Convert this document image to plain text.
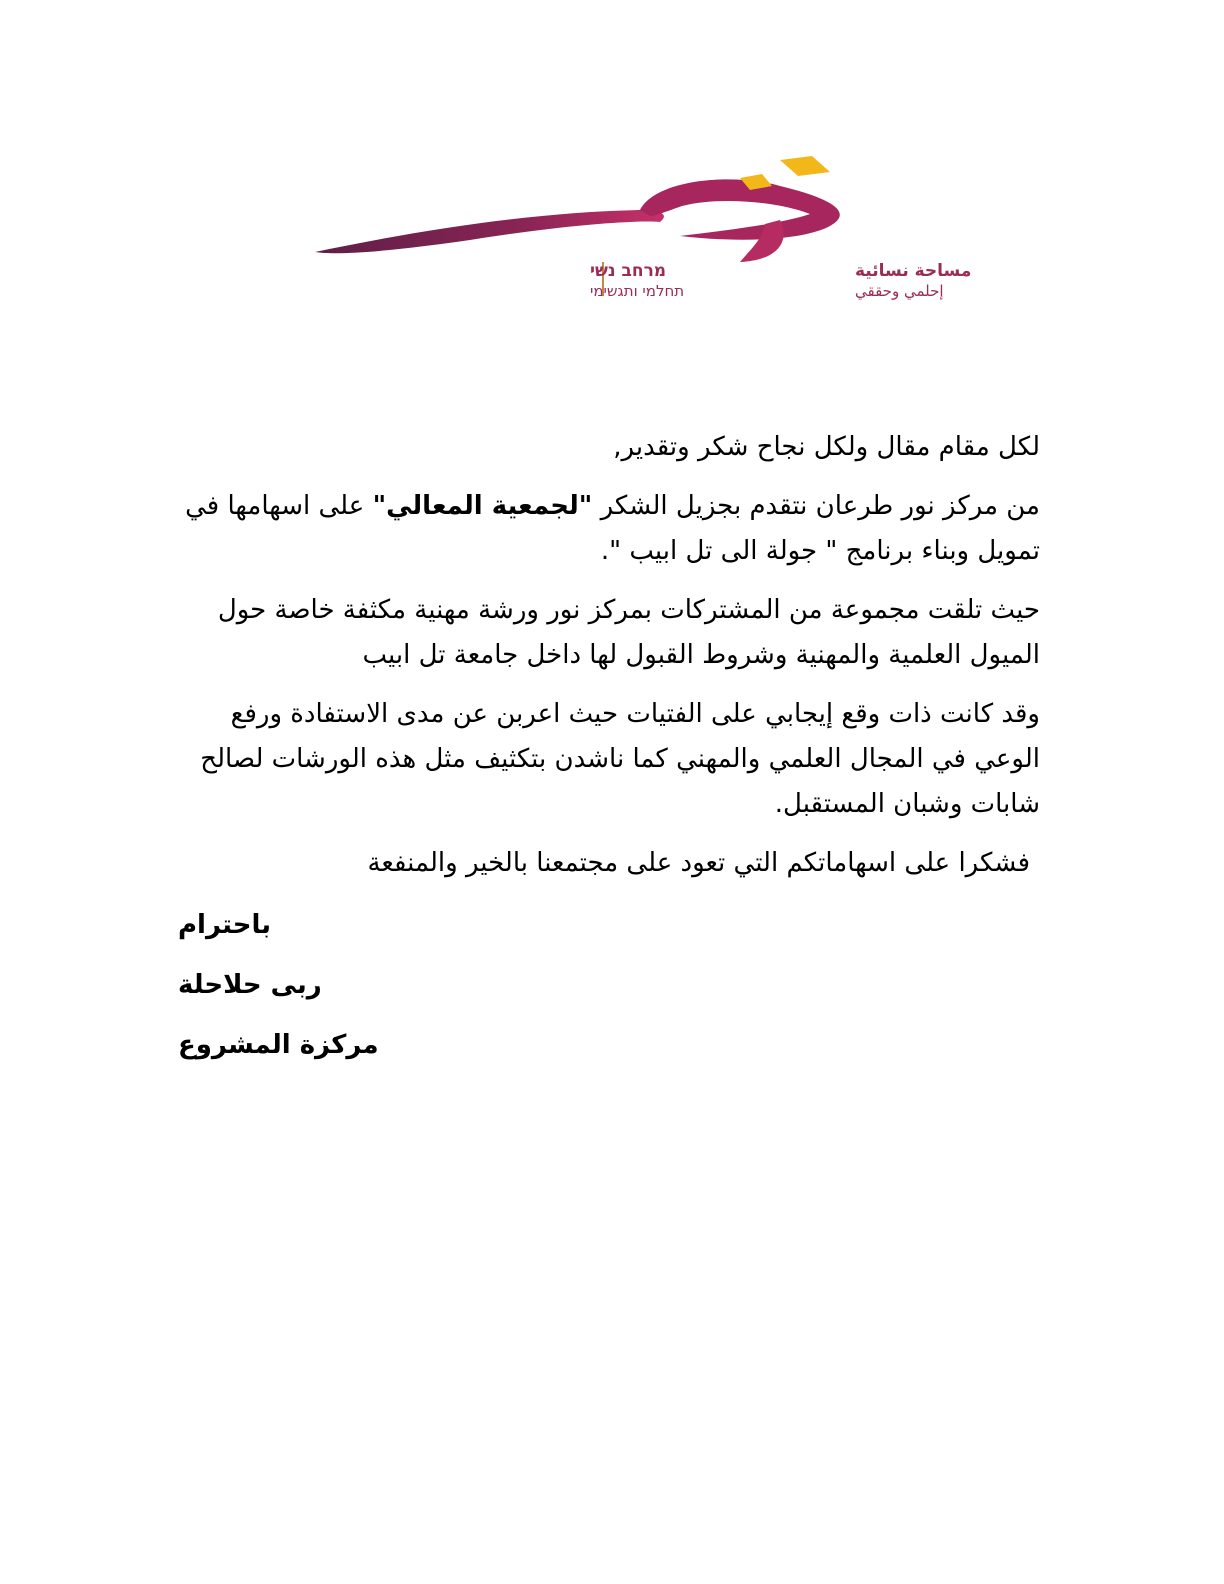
مساحة نسائية
إحلمي وحققي
מרחב נשי
תחלמי ותגשימי

لكل مقام مقال ولكل نجاح شكر وتقدير,

من مركز نور طرعان نتقدم بجزيل الشكر "لجمعية المعالي" على اسهامها في تمويل وبناء برنامج " جولة الى تل ابيب ".

حيث تلقت مجموعة من المشتركات بمركز نور ورشة مهنية مكثفة خاصة حول الميول العلمية والمهنية وشروط القبول لها داخل جامعة تل ابيب

وقد كانت ذات وقع إيجابي على الفتيات حيث اعربن عن مدى الاستفادة ورفع الوعي في المجال العلمي والمهني كما ناشدن بتكثيف مثل هذه الورشات لصالح شابات وشبان المستقبل.

فشكرا على اسهاماتكم التي تعود على مجتمعنا بالخير والمنفعة

باحترام
ربى حلاحلة
مركزة المشروع
